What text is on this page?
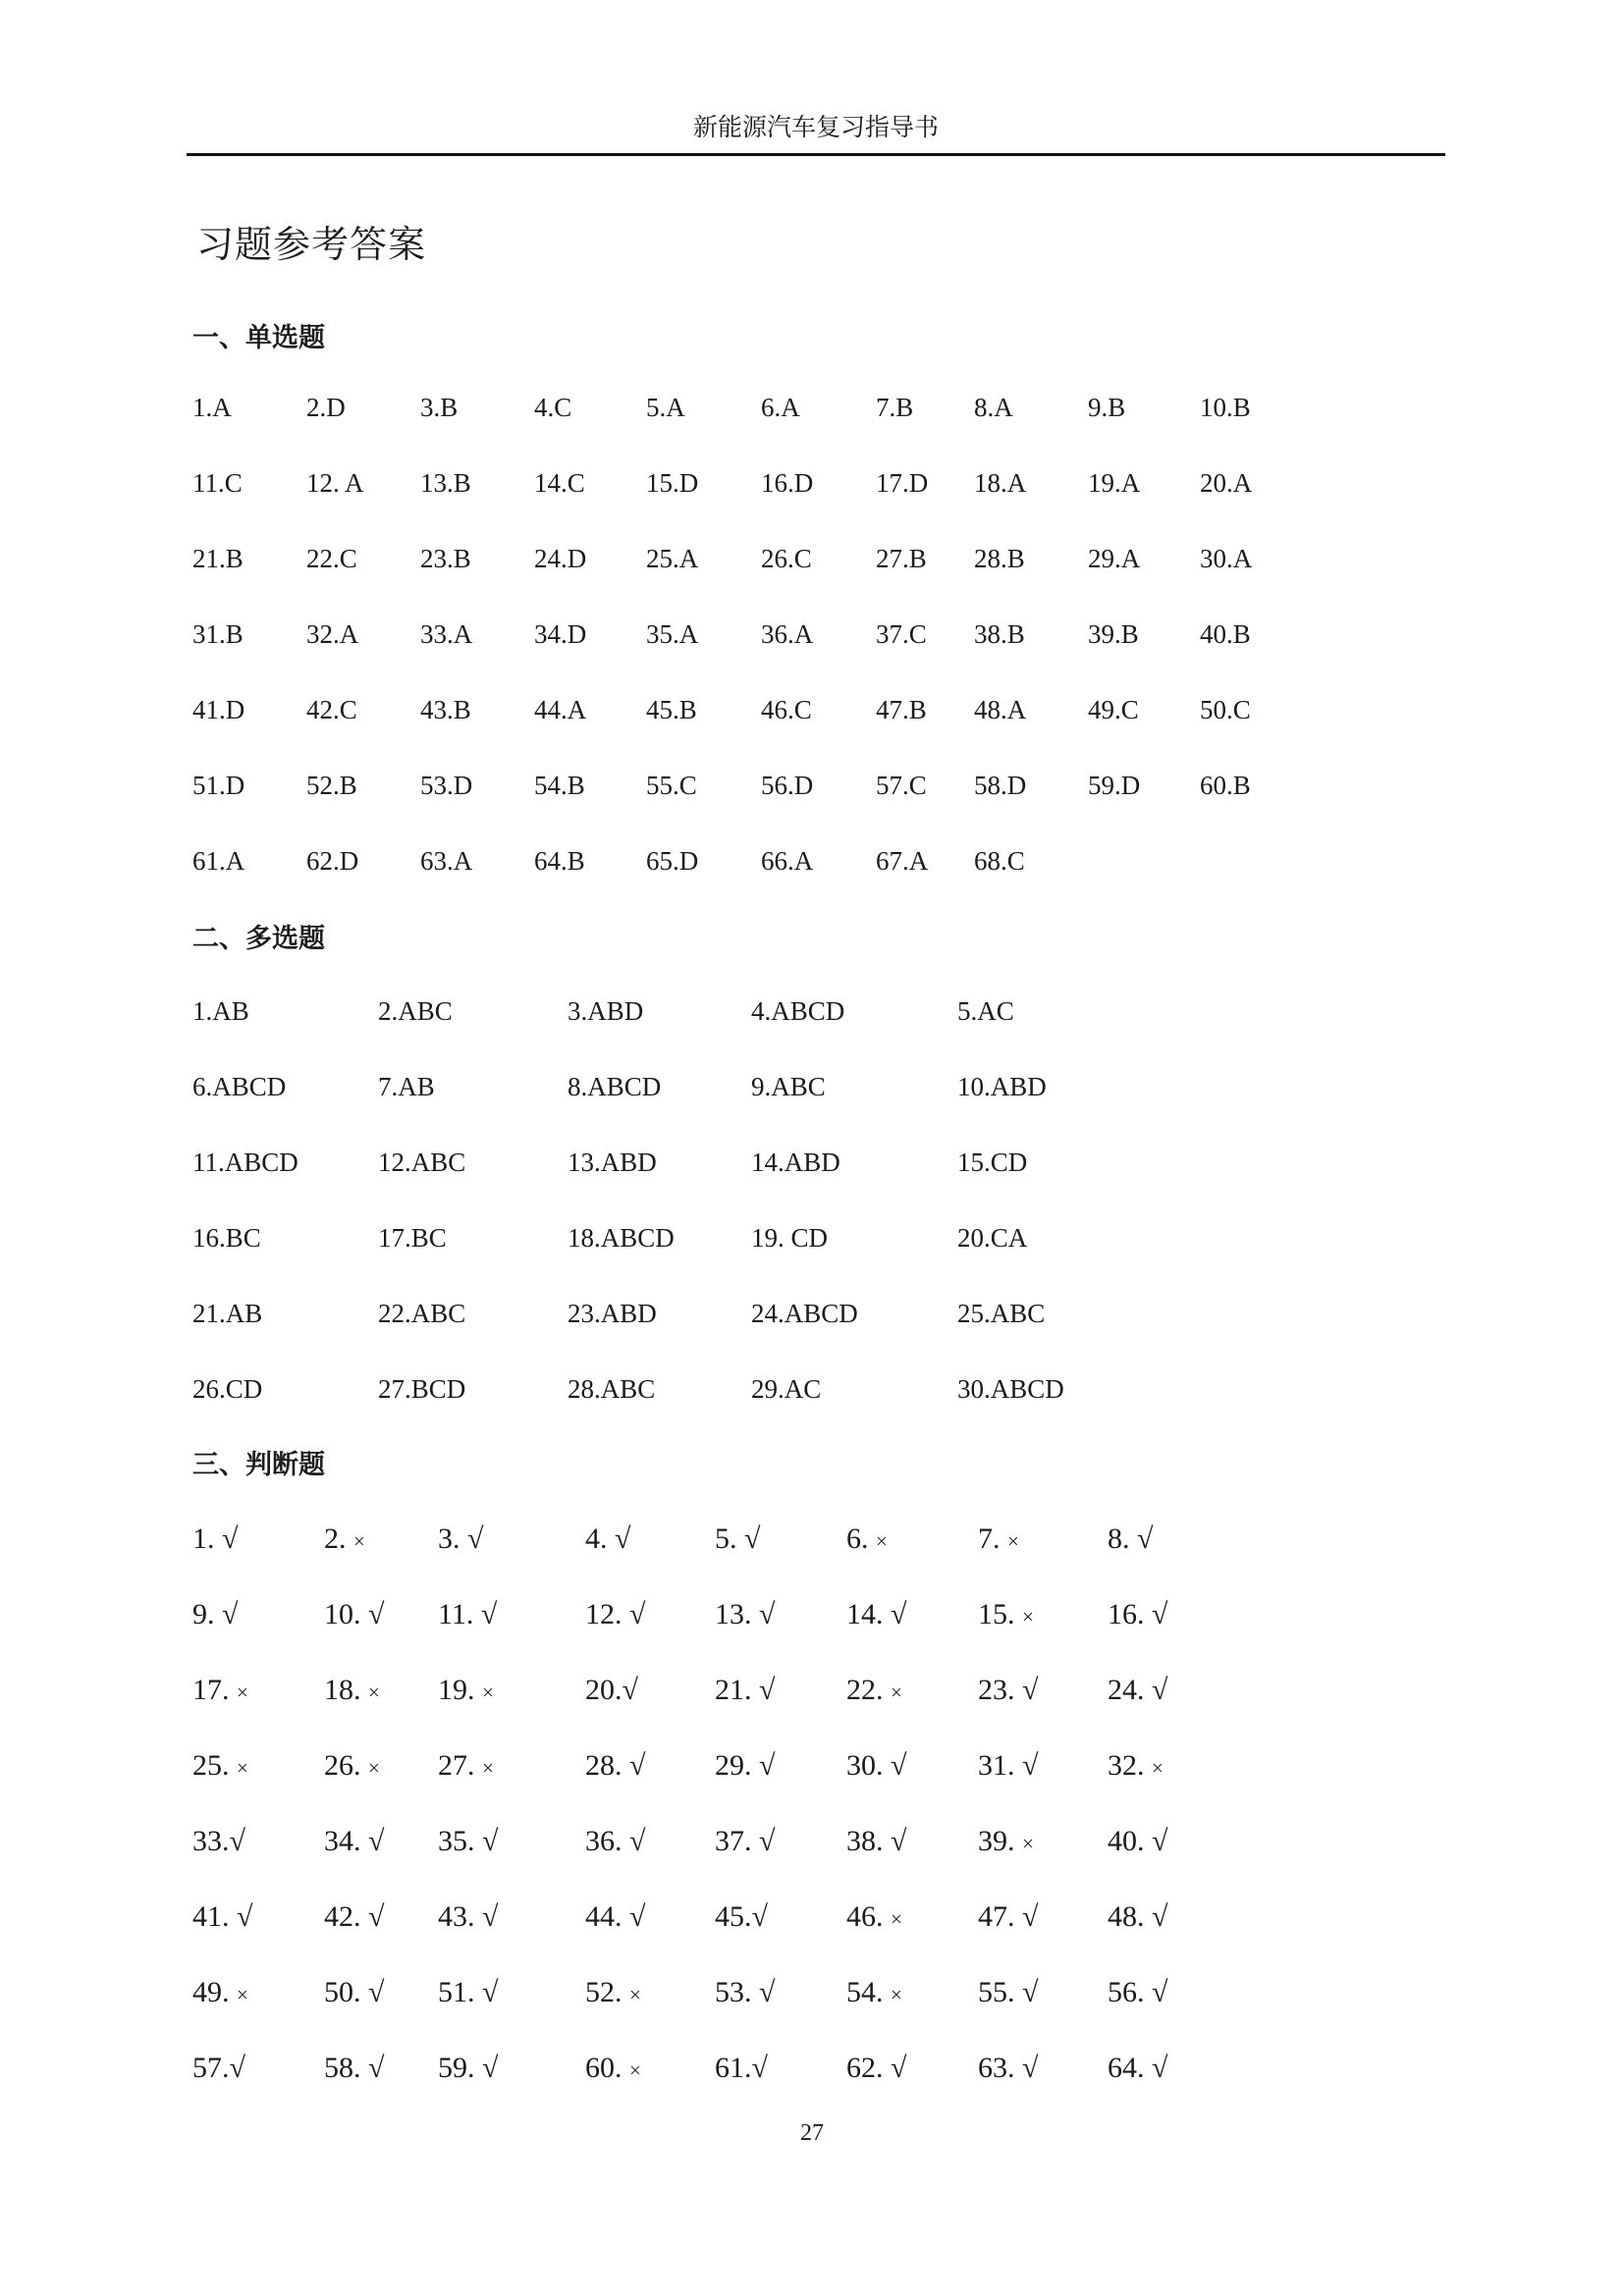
新能源汽车复习指导书
习题参考答案
一、单选题
1.A	2.D	3.B	4.C	5.A	6.A	7.B 8.A	9.B	10.B
11.C 12. A 13.B 14.C 15.D 16.D 17.D 18.A 19.A 20.A
21.B 22.C 23.B 24.D 25.A 26.C 27.B 28.B 29.A 30.A
31.B 32.A 33.A 34.D 35.A 36.A 37.C 38.B 39.B 40.B
41.D 42.C 43.B 44.A 45.B 46.C 47.B 48.A 49.C 50.C
51.D 52.B 53.D 54.B 55.C 56.D 57.C 58.D 59.D 60.B
61.A 62.D 63.A 64.B 65.D 66.A 67.A 68.C
二、多选题
1.AB	2.ABC	3.ABD	4.ABCD	5.AC
6.ABCD	7.AB	8.ABCD	9.ABC	10.ABD
11.ABCD	12.ABC	13.ABD	14.ABD	15.CD
16.BC	17.BC	18.ABCD	19. CD	20.CA
21.AB	22.ABC	23.ABD	24.ABCD	25.ABC
26.CD	27.BCD	28.ABC	29.AC	30.ABCD
三、判断题
1. √	2. × 3. √	4. √	5. √	6. ×	7. ×	8. √
9. √	10. √ 11. √	12. √ 13. √ 14. √ 15. ×	16. √
17. ×	18. × 19. ×	20.√	21. √ 22. ×	23. √ 24. √
25. ×	26. × 27. ×	28. √ 29. √ 30. √ 31. √ 32. ×
33.√	34. √ 35. √	36. √ 37. √ 38. √ 39. ×	40. √
41. √ 42. √ 43. √	44. √ 45.√	46. ×	47. √ 48. √
49. ×	50. √ 51. √	52. ×	53. √ 54. ×	55. √ 56. √
57.√	58. √ 59. √	60. ×	61.√	62. √ 63. √ 64. √
27
